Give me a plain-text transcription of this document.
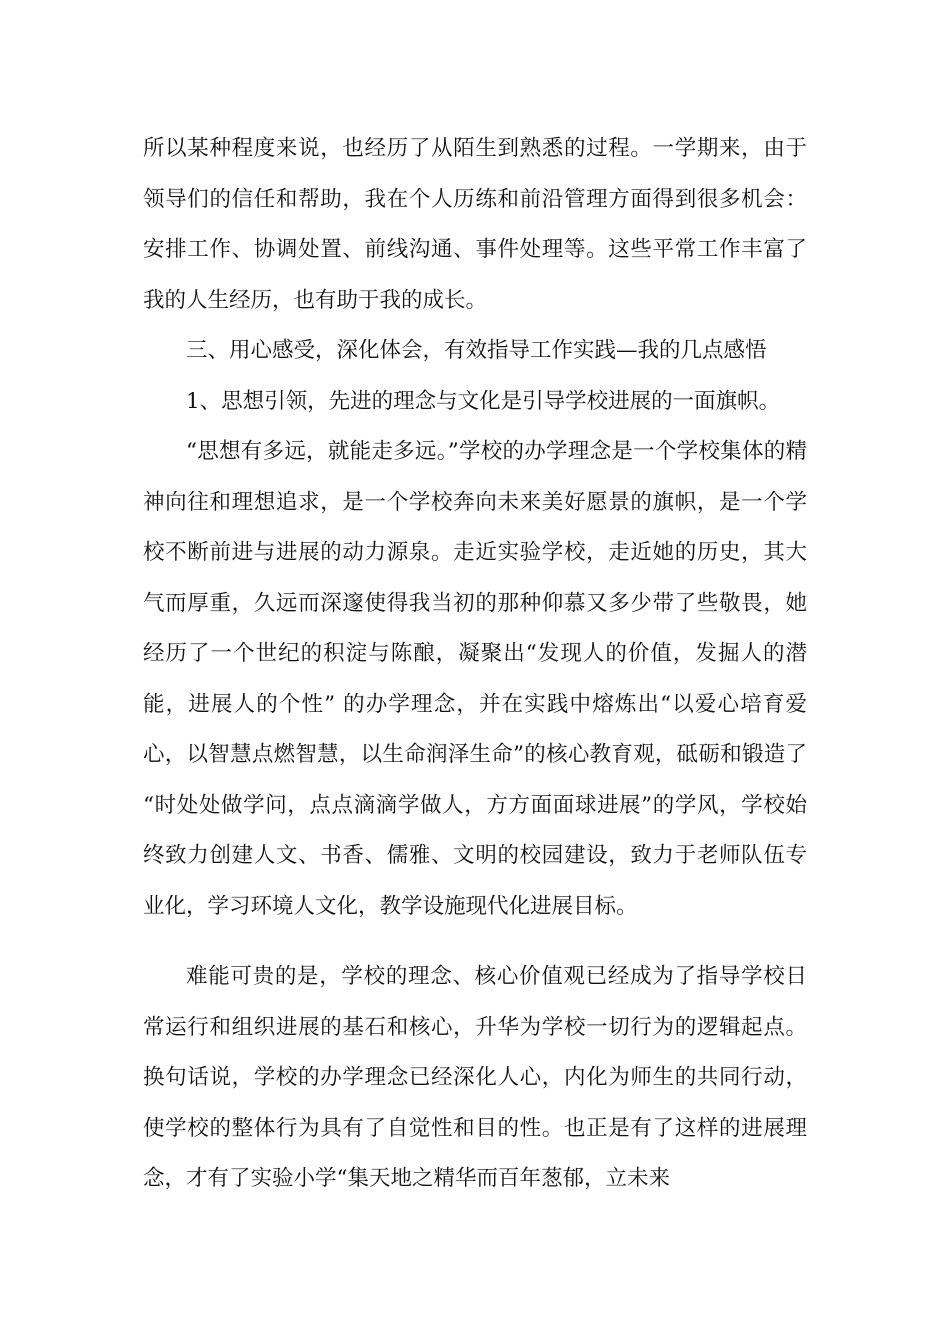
所以某种程度来说，也经历了从陌生到熟悉的过程。一学期来，由于领导们的信任和帮助，我在个人历练和前沿管理方面得到很多机会：安排工作、协调处置、前线沟通、事件处理等。这些平常工作丰富了我的人生经历，也有助于我的成长。

三、用心感受，深化体会，有效指导工作实践—我的几点感悟

1、思想引领，先进的理念与文化是引导学校进展的一面旗帜。

“思想有多远，就能走多远。”学校的办学理念是一个学校集体的精神向往和理想追求，是一个学校奔向未来美好愿景的旗帜，是一个学校不断前进与进展的动力源泉。走近实验学校，走近她的历史，其大气而厚重，久远而深邃使得我当初的那种仰慕又多少带了些敬畏，她经历了一个世纪的积淀与陈酿，凝聚出“发现人的价值，发掘人的潜能，进展人的个性” 的办学理念，并在实践中熔炼出“以爱心培育爱心，以智慧点燃智慧，以生命润泽生命”的核心教育观，砥砺和锻造了 “时处处做学问，点点滴滴学做人，方方面面球进展”的学风，学校始终致力创建人文、书香、儒雅、文明的校园建设，致力于老师队伍专业化，学习环境人文化，教学设施现代化进展目标。

难能可贵的是，学校的理念、核心价值观已经成为了指导学校日常运行和组织进展的基石和核心，升华为学校一切行为的逻辑起点。换句话说，学校的办学理念已经深化人心，内化为师生的共同行动，使学校的整体行为具有了自觉性和目的性。也正是有了这样的进展理念，才有了实验小学“集天地之精华而百年葱郁，立未来
